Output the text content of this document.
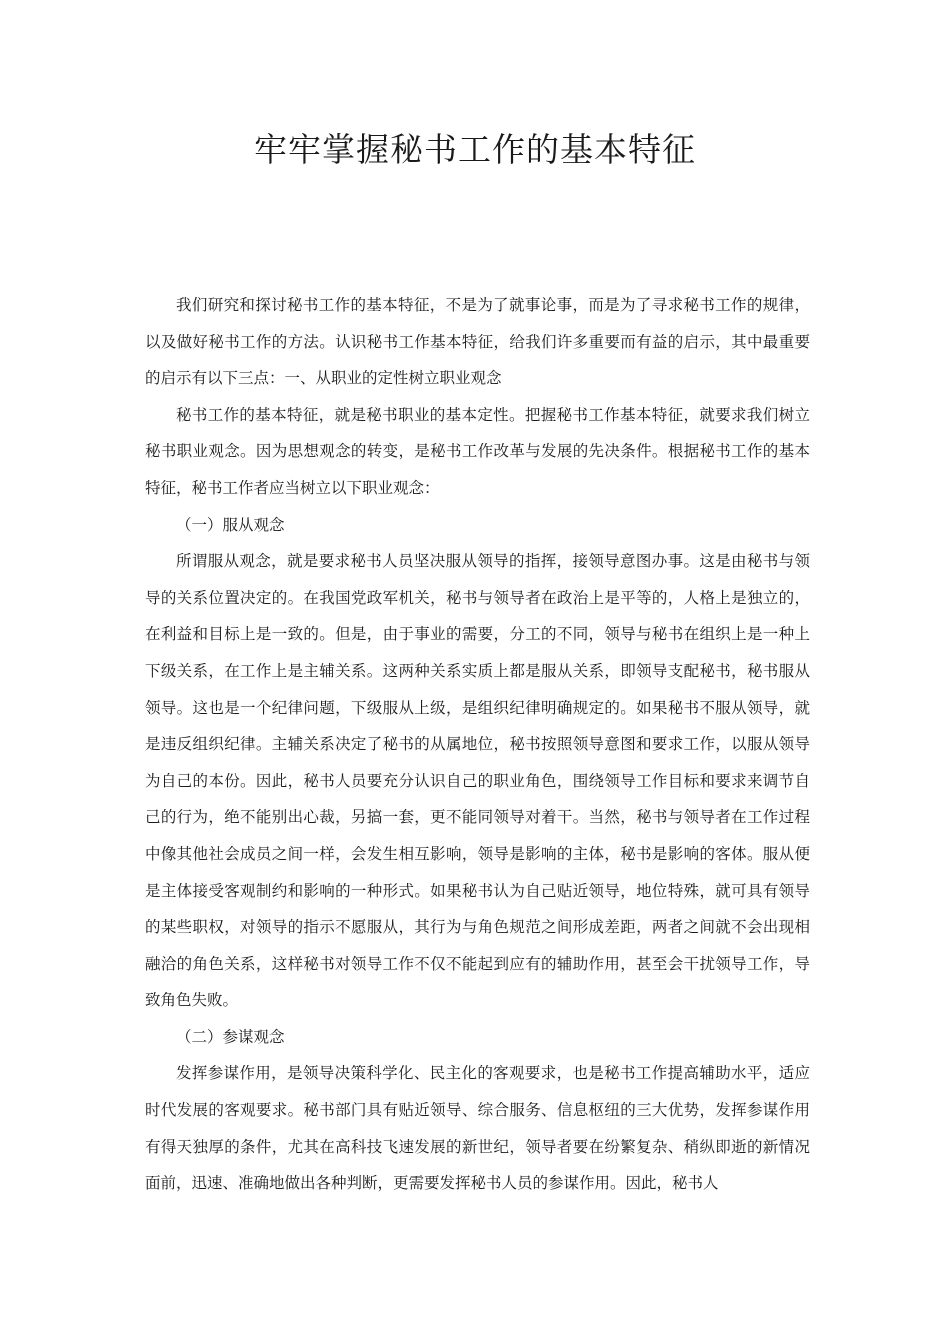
牢牢掌握秘书工作的基本特征

我们研究和探讨秘书工作的基本特征，不是为了就事论事，而是为了寻求秘书工作的规律，以及做好秘书工作的方法。认识秘书工作基本特征，给我们许多重要而有益的启示，其中最重要的启示有以下三点：一、从职业的定性树立职业观念

秘书工作的基本特征，就是秘书职业的基本定性。把握秘书工作基本特征，就要求我们树立秘书职业观念。因为思想观念的转变，是秘书工作改革与发展的先决条件。根据秘书工作的基本特征，秘书工作者应当树立以下职业观念：

（一）服从观念

所谓服从观念，就是要求秘书人员坚决服从领导的指挥，接领导意图办事。这是由秘书与领导的关系位置决定的。在我国党政军机关，秘书与领导者在政治上是平等的，人格上是独立的，在利益和目标上是一致的。但是，由于事业的需要，分工的不同，领导与秘书在组织上是一种上下级关系，在工作上是主辅关系。这两种关系实质上都是服从关系，即领导支配秘书，秘书服从领导。这也是一个纪律问题，下级服从上级，是组织纪律明确规定的。如果秘书不服从领导，就是违反组织纪律。主辅关系决定了秘书的从属地位，秘书按照领导意图和要求工作，以服从领导为自己的本份。因此，秘书人员要充分认识自己的职业角色，围绕领导工作目标和要求来调节自己的行为，绝不能别出心裁，另搞一套，更不能同领导对着干。当然，秘书与领导者在工作过程中像其他社会成员之间一样，会发生相互影响，领导是影响的主体，秘书是影响的客体。服从便是主体接受客观制约和影响的一种形式。如果秘书认为自己贴近领导，地位特殊，就可具有领导的某些职权，对领导的指示不愿服从，其行为与角色规范之间形成差距，两者之间就不会出现相融洽的角色关系，这样秘书对领导工作不仅不能起到应有的辅助作用，甚至会干扰领导工作，导致角色失败。

（二）参谋观念

发挥参谋作用，是领导决策科学化、民主化的客观要求，也是秘书工作提高辅助水平，适应时代发展的客观要求。秘书部门具有贴近领导、综合服务、信息枢纽的三大优势，发挥参谋作用有得天独厚的条件，尤其在高科技飞速发展的新世纪，领导者要在纷繁复杂、稍纵即逝的新情况面前，迅速、准确地做出各种判断，更需要发挥秘书人员的参谋作用。因此，秘书人
